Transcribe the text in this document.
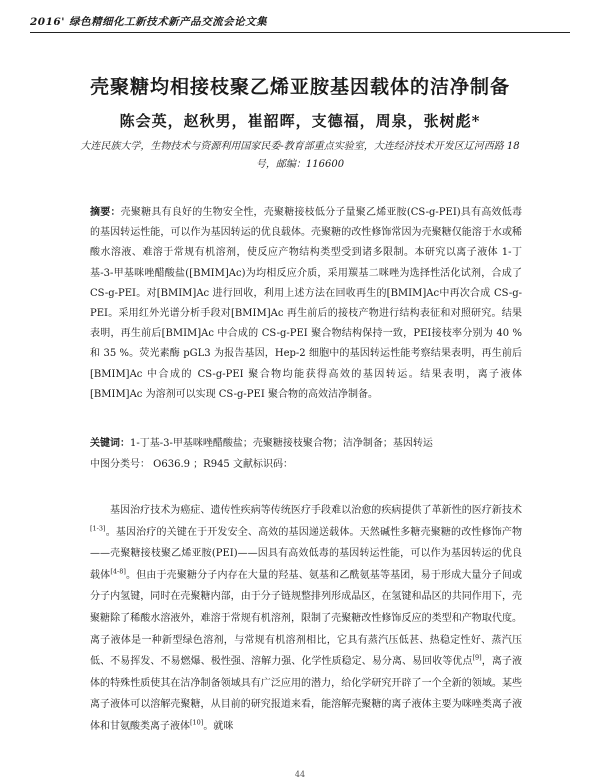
2016' 绿色精细化工新技术新产品交流会论文集
壳聚糖均相接枝聚乙烯亚胺基因载体的洁净制备
陈会英，赵秋男，崔韶晖，支德福，周泉，张树彪*
大连民族大学，生物技术与资源利用国家民委-教育部重点实验室，大连经济技术开发区辽河西路 18 号，邮编：116600
摘要：壳聚糖具有良好的生物安全性，壳聚糖接枝低分子量聚乙烯亚胺(CS-g-PEI)具有高效低毒的基因转运性能，可以作为基因转运的优良载体。壳聚糖的改性修饰常因为壳聚糖仅能溶于水或稀酸水溶液、难溶于常规有机溶剂，使反应产物结构类型受到诸多限制。本研究以离子液体 1-丁基-3-甲基咪唑醋酸盐([BMIM]Ac)为均相反应介质，采用羰基二咪唑为选择性活化试剂，合成了 CS-g-PEI。对[BMIM]Ac 进行回收，利用上述方法在回收再生的[BMIM]Ac中再次合成 CS-g-PEI。采用红外光谱分析手段对[BMIM]Ac 再生前后的接枝产物进行结构表征和对照研究。结果表明，再生前后[BMIM]Ac 中合成的 CS-g-PEI 聚合物结构保持一致，PEI接枝率分别为 40 % 和 35 %。荧光素酶 pGL3 为报告基因，Hep-2 细胞中的基因转运性能考察结果表明，再生前后[BMIM]Ac 中合成的 CS-g-PEI 聚合物均能获得高效的基因转运。结果表明，离子液体[BMIM]Ac 为溶剂可以实现 CS-g-PEI 聚合物的高效洁净制备。
关键词：1-丁基-3-甲基咪唑醋酸盐；壳聚糖接枝聚合物；洁净制备；基因转运
中图分类号： O636.9 ；R945 文献标识码：
基因治疗技术为癌症、遗传性疾病等传统医疗手段难以治愈的疾病提供了革新性的医疗新技术[1-3]。基因治疗的关键在于开发安全、高效的基因递送载体。天然碱性多糖壳聚糖的改性修饰产物——壳聚糖接枝聚乙烯亚胺(PEI)——因具有高效低毒的基因转运性能，可以作为基因转运的优良载体[4-8]。但由于壳聚糖分子内存在大量的羟基、氨基和乙酰氨基等基团，易于形成大量分子间或分子内氢键，同时在壳聚糖内部，由于分子链规整排列形成晶区，在氢键和晶区的共同作用下，壳聚糖除了稀酸水溶液外，难溶于常规有机溶剂，限制了壳聚糖改性修饰反应的类型和产物取代度。离子液体是一种新型绿色溶剂，与常规有机溶剂相比，它具有蒸汽压低甚、热稳定性好、蒸汽压低、不易挥发、不易燃爆、极性强、溶解力强、化学性质稳定、易分离、易回收等优点[9]，离子液体的特殊性质使其在洁净制备领域具有广泛应用的潜力，给化学研究开辟了一个全新的领域。某些离子液体可以溶解壳聚糖，从目前的研究报道来看，能溶解壳聚糖的离子液体主要为咪唑类离子液体和甘氨酸类离子液体[10]。就咪
44
